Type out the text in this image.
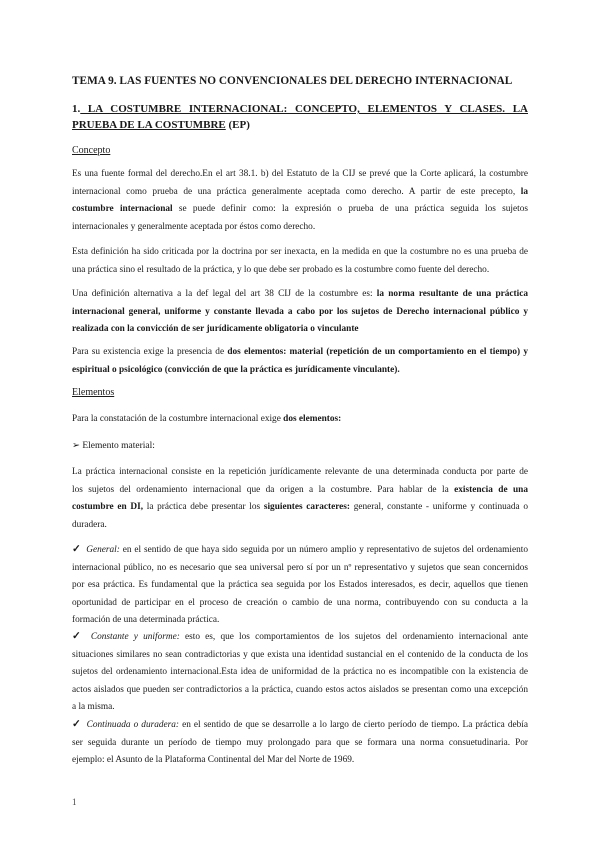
TEMA 9. LAS FUENTES NO CONVENCIONALES DEL DERECHO INTERNACIONAL
1. LA COSTUMBRE INTERNACIONAL: CONCEPTO, ELEMENTOS Y CLASES. LA PRUEBA DE LA COSTUMBRE (EP)
Concepto
Es una fuente formal del derecho.En el art 38.1. b) del Estatuto de la CIJ se prevé que la Corte aplicará, la costumbre
internacional como prueba de una práctica generalmente aceptada como derecho. A partir de este precepto, la
costumbre internacional se puede definir como: la expresión o prueba de una práctica seguida los sujetos
internacionales y generalmente aceptada por éstos como derecho.
Esta definición ha sido criticada por la doctrina por ser inexacta, en la medida en que la costumbre no es una prueba de
una práctica sino el resultado de la práctica, y lo que debe ser probado es la costumbre como fuente del derecho.
Una definición alternativa a la def legal del art 38 CIJ de la costumbre es: la norma resultante de una práctica
internacional general, uniforme y constante llevada a cabo por los sujetos de Derecho internacional público y
realizada con la convicción de ser jurídicamente obligatoria o vinculante
Para su existencia exige la presencia de dos elementos: material (repetición de un comportamiento en el tiempo) y
espiritual o psicológico (convicción de que la práctica es jurídicamente vinculante).
Elementos
Para la constatación de la costumbre internacional exige dos elementos:
➢ Elemento material:
La práctica internacional consiste en la repetición jurídicamente relevante de una determinada conducta por parte de
los sujetos del ordenamiento internacional que da origen a la costumbre. Para hablar de la existencia de una
costumbre en DI, la práctica debe presentar los siguientes caracteres: general, constante - uniforme y continuada o
duradera.
✓ General: en el sentido de que haya sido seguida por un número amplio y representativo de sujetos del ordenamiento
internacional público, no es necesario que sea universal pero sí por un nº representativo y sujetos que sean concernidos
por esa práctica. Es fundamental que la práctica sea seguida por los Estados interesados, es decir, aquellos que tienen
oportunidad de participar en el proceso de creación o cambio de una norma, contribuyendo con su conducta a la
formación de una determinada práctica.
✓ Constante y uniforme: esto es, que los comportamientos de los sujetos del ordenamiento internacional ante
situaciones similares no sean contradictorias y que exista una identidad sustancial en el contenido de la conducta de los
sujetos del ordenamiento internacional.Esta idea de uniformidad de la práctica no es incompatible con la existencia de
actos aislados que pueden ser contradictorios a la práctica, cuando estos actos aislados se presentan como una excepción
a la misma.
✓ Continuada o duradera: en el sentido de que se desarrolle a lo largo de cierto período de tiempo. La práctica debía
ser seguida durante un período de tiempo muy prolongado para que se formara una norma consuetudinaria. Por
ejemplo: el Asunto de la Plataforma Continental del Mar del Norte de 1969.
1
